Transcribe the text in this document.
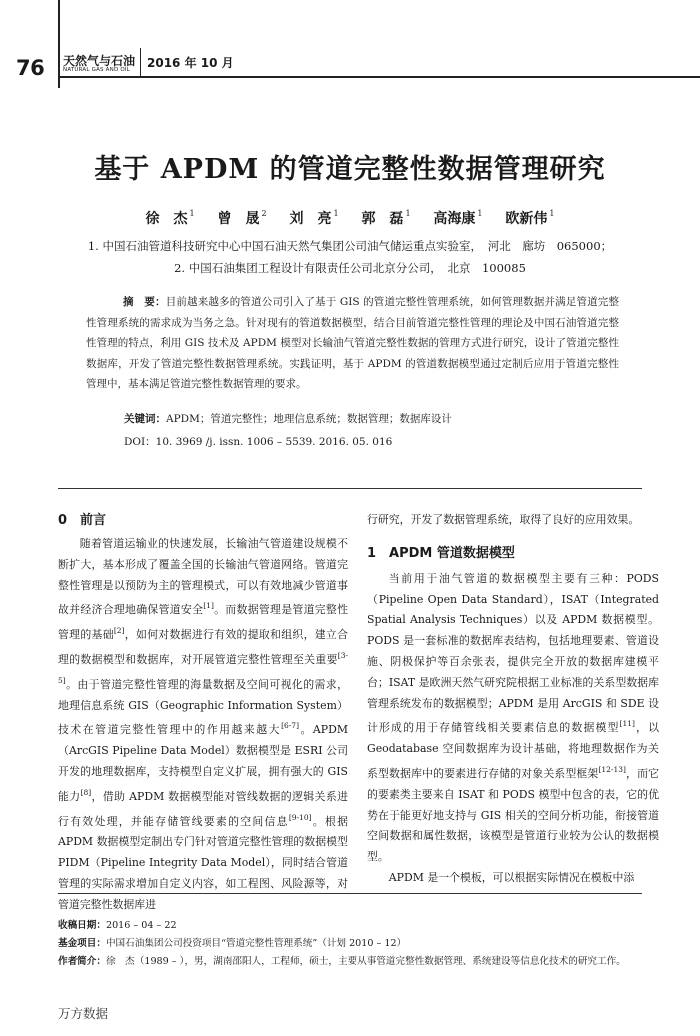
76 天然气与石油
NATURAL GAS AND OIL 2016 年 10 月
基于 APDM 的管道完整性数据管理研究
徐　杰 $^1$ 曾　晟 $^2$ 刘　亮 $^1$ 郭　磊 $^1$ 高海康 $^1$ 欧新伟 $^1$
1. 中国石油管道科技研究中心中国石油天然气集团公司油气储运重点实验室，　河北　廊坊　065000；
2. 中国石油集团工程设计有限责任公司北京分公司，　北京　100085
摘　要：目前越来越多的管道公司引入了基于 GIS 的管道完整性管理系统，如何管理数据并满足管道完整性管理系统的需求成为当务之急。针对现有的管道数据模型，结合目前管道完整性管理的理论及中国石油管道完整性管理的特点，利用 GIS 技术及 APDM 模型对长输油气管道完整性数据的管理方式进行研究，设计了管道完整性数据库，开发了管道完整性数据管理系统。实践证明，基于 APDM 的管道数据模型通过定制后应用于管道完整性管理中，基本满足管道完整性数据管理的要求。
关键词：APDM；管道完整性；地理信息系统；数据管理；数据库设计
DOI：10. 3969 /j. issn. 1006 – 5539. 2016. 05. 016
0　前言

随着管道运输业的快速发展，长输油气管道建设规模不断扩大，基本形成了覆盖全国的长输油气管道网络。管道完整性管理是以预防为主的管理模式，可以有效地减少管道事故并经济合理地确保管道安全[1]。而数据管理是管道完整性管理的基础[2]，如何对数据进行有效的提取和组织，建立合理的数据模型和数据库，对开展管道完整性管理至关重要[3-5]。由于管道完整性管理的海量数据及空间可视化的需求，地理信息系统 GIS（Geographic Information System）技术在管道完整性管理中的作用越来越大[6-7]。APDM（ArcGIS Pipeline Data Model）数据模型是 ESRI 公司开发的地理数据库，支持模型自定义扩展，拥有强大的 GIS 能力[8]，借助 APDM 数据模型能对管线数据的逻辑关系进行有效处理，并能存储管线要素的空间信息[9-10]。根据 APDM 数据模型定制出专门针对管道完整性管理的数据模型 PIDM（Pipeline Integrity Data Model），同时结合管道管理的实际需求增加自定义内容，如工程图、风险源等，对管道完整性数据库进

行研究，开发了数据管理系统，取得了良好的应用效果。

1　APDM 管道数据模型

当前用于油气管道的数据模型主要有三种：PODS（Pipeline Open Data Standard），ISAT（Integrated Spatial Analysis Techniques）以及 APDM 数据模型。PODS 是一套标准的数据库表结构，包括地理要素、管道设施、阴极保护等百余张表，提供完全开放的数据库建模平台；ISAT 是欧洲天然气研究院根据工业标准的关系型数据库管理系统发布的数据模型；APDM 是用 ArcGIS 和 SDE 设计形成的用于存储管线相关要素信息的数据模型[11]，以 Geodatabase 空间数据库为设计基础，将地理数据作为关系型数据库中的要素进行存储的对象关系型框架[12-13]，而它的要素类主要来自 ISAT 和 PODS 模型中包含的表，它的优势在于能更好地支持与 GIS 相关的空间分析功能，衔接管道空间数据和属性数据，该模型是管道行业较为公认的数据模型。

APDM 是一个模板，可以根据实际情况在模板中添

收稿日期：2016 – 04 – 22
基金项目：中国石油集团公司投资项目“管道完整性管理系统”（计划 2010 – 12）
作者简介：徐　杰（1989 – ），男，湖南邵阳人，工程师，硕士，主要从事管道完整性数据管理、系统建设等信息化技术的研究工作。
万方数据
